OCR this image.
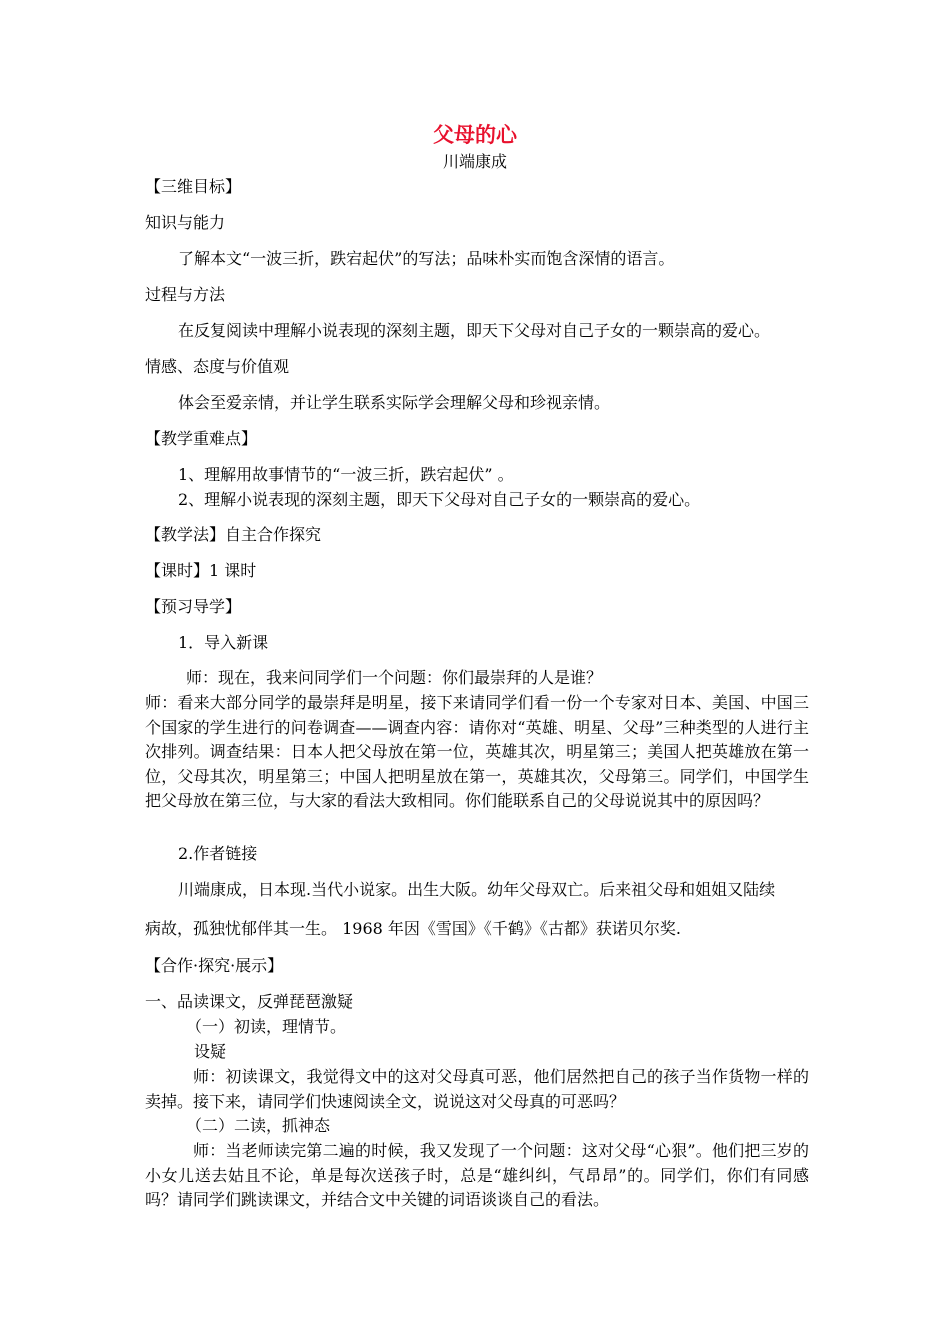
父母的心
川端康成
【三维目标】
知识与能力
了解本文“一波三折，跌宕起伏”的写法；品味朴实而饱含深情的语言。
过程与方法
在反复阅读中理解小说表现的深刻主题，即天下父母对自己子女的一颗崇高的爱心。
情感、态度与价值观
体会至爱亲情，并让学生联系实际学会理解父母和珍视亲情。
【教学重难点】
1、理解用故事情节的“一波三折，跌宕起伏” 。
2、理解小说表现的深刻主题，即天下父母对自己子女的一颗崇高的爱心。
【教学法】自主合作探究
【课时】1 课时
【预习导学】
1．导入新课
师：现在，我来问同学们一个问题：你们最崇拜的人是谁？
师：看来大部分同学的最崇拜是明星，接下来请同学们看一份一个专家对日本、美国、中国三个国家的学生进行的问卷调查——调查内容：请你对“英雄、明星、父母”三种类型的人进行主次排列。调查结果：日本人把父母放在第一位，英雄其次，明星第三；美国人把英雄放在第一位，父母其次，明星第三；中国人把明星放在第一，英雄其次，父母第三。同学们，中国学生把父母放在第三位，与大家的看法大致相同。你们能联系自己的父母说说其中的原因吗？
2.作者链接
川端康成，日本现.当代小说家。出生大阪。幼年父母双亡。后来祖父母和姐姐又陆续
病故，孤独忧郁伴其一生。 1968 年因《雪国》《千鹤》《古都》获诺贝尔奖.
【合作·探究·展示】
一、品读课文，反弹琵琶激疑
（一）初读，理情节。
设疑
师：初读课文，我觉得文中的这对父母真可恶，他们居然把自己的孩子当作货物一样的卖掉。接下来，请同学们快速阅读全文，说说这对父母真的可恶吗？
（二）二读，抓神态
师：当老师读完第二遍的时候，我又发现了一个问题：这对父母“心狠”。他们把三岁的小女儿送去姑且不论，单是每次送孩子时，总是“雄纠纠，气昂昂”的。同学们，你们有同感吗？请同学们跳读课文，并结合文中关键的词语谈谈自己的看法。
